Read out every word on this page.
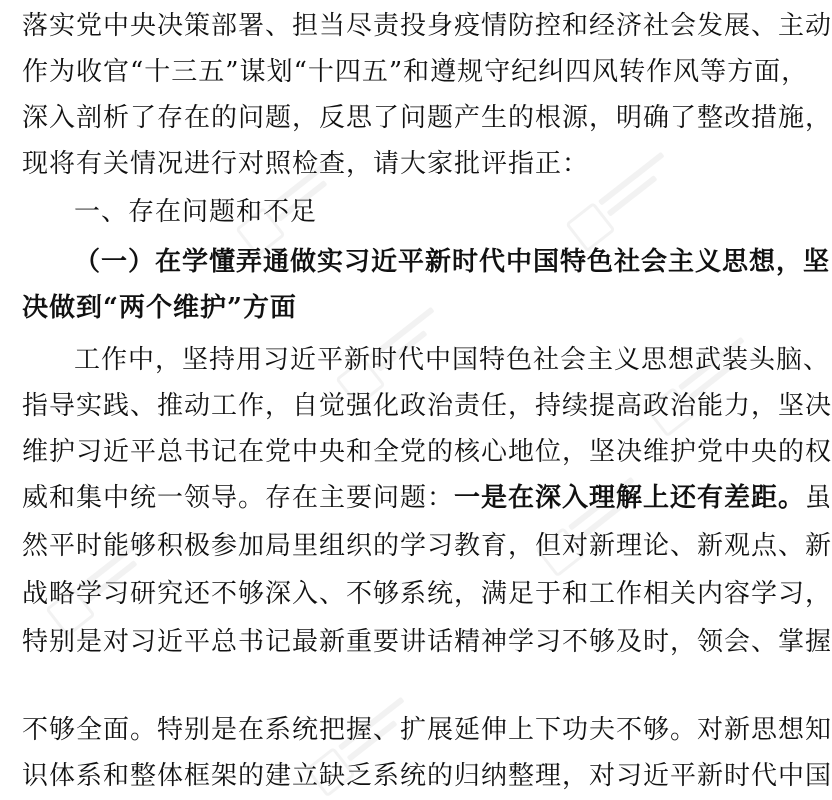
落实党中央决策部署、担当尽责投身疫情防控和经济社会发展、主动
作为收官“十三五”谋划“十四五”和遵规守纪纠四风转作风等方面，
深入剖析了存在的问题，反思了问题产生的根源，明确了整改措施，
现将有关情况进行对照检查，请大家批评指正：
一、存在问题和不足
（一）在学懂弄通做实习近平新时代中国特色社会主义思想，坚
决做到“两个维护”方面
工作中，坚持用习近平新时代中国特色社会主义思想武装头脑、
指导实践、推动工作，自觉强化政治责任，持续提高政治能力，坚决
维护习近平总书记在党中央和全党的核心地位，坚决维护党中央的权
威和集中统一领导。存在主要问题：一是在深入理解上还有差距。 虽
然平时能够积极参加局里组织的学习教育，但对新理论、新观点、新
战略学习研究还不够深入、不够系统，满足于和工作相关内容学习，
特别是对习近平总书记最新重要讲话精神学习不够及时，领会、掌握
不够全面。特别是在系统把握、扩展延伸上下功夫不够。对新思想知
识体系和整体框架的建立缺乏系统的归纳整理，对习近平新时代中国
